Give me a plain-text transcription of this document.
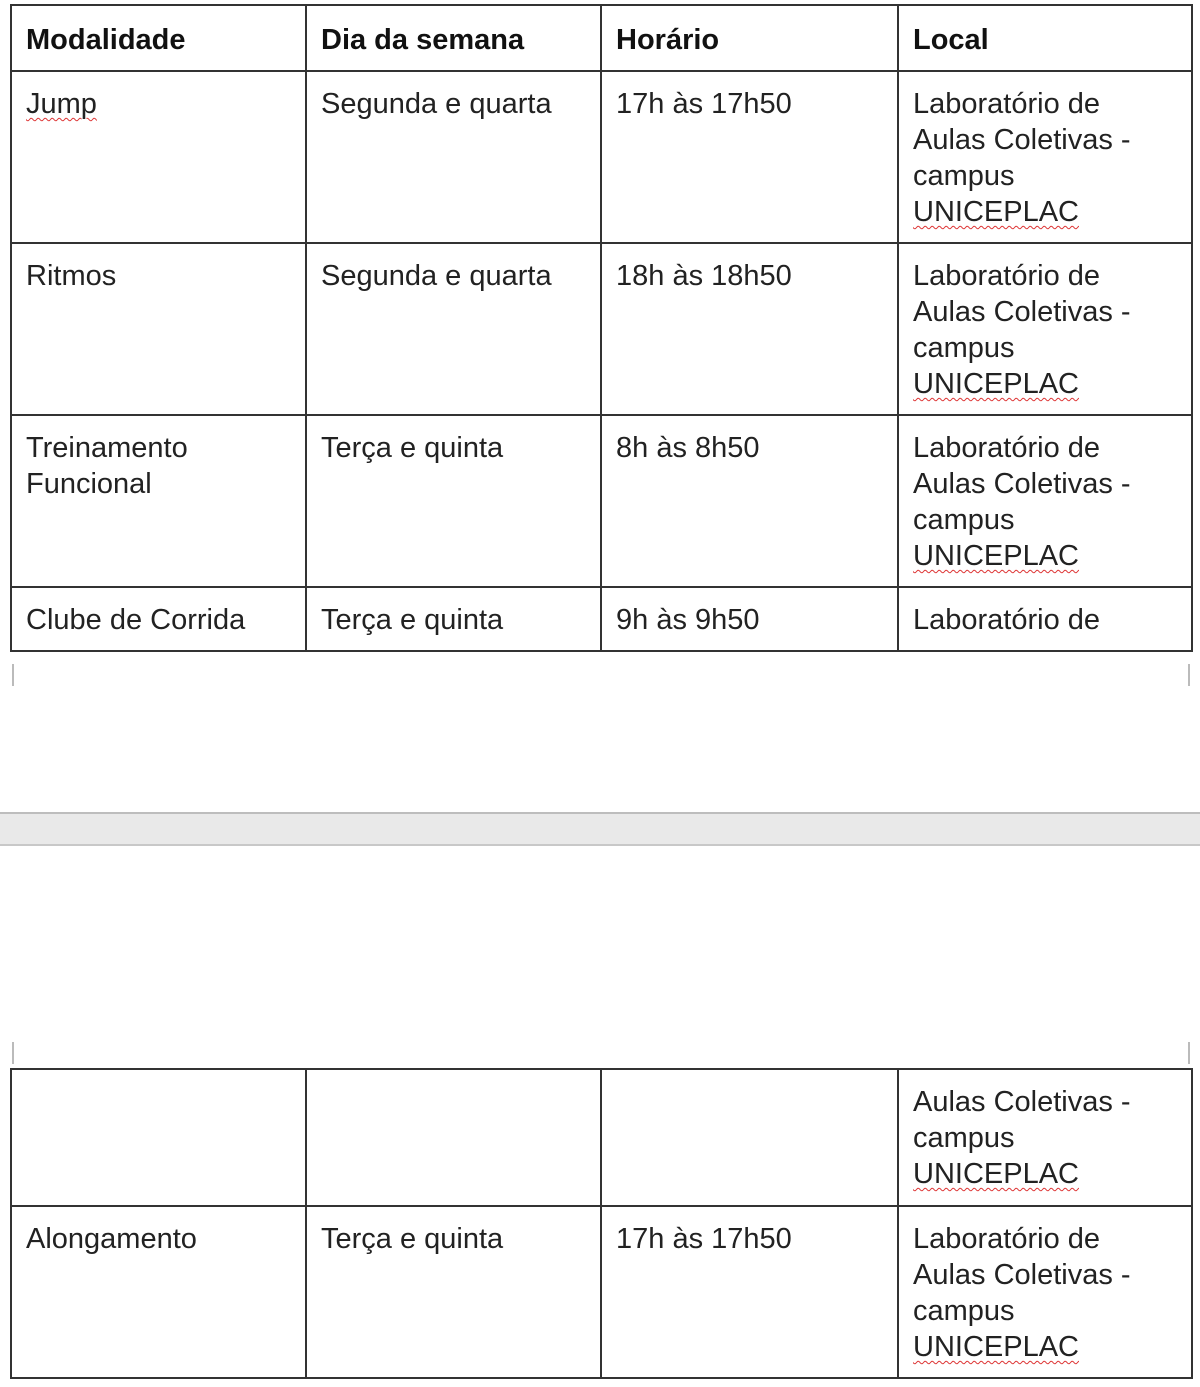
Modalidade	Dia da semana	Horário	Local
Jump	Segunda e quarta	17h às 17h50	Laboratório de
Aulas Coletivas -
campus
UNICEPLAC

Ritmos	Segunda e quarta	18h às 18h50	Laboratório de
Aulas Coletivas -
campus
UNICEPLAC

Treinamento
Funcional	Terça e quinta	8h às 8h50	Laboratório de
Aulas Coletivas -
campus
UNICEPLAC

Clube de Corrida	Terça e quinta	9h às 9h50	Laboratório de

			Aulas Coletivas -
campus
UNICEPLAC

Alongamento	Terça e quinta	17h às 17h50	Laboratório de
Aulas Coletivas -
campus
UNICEPLAC
